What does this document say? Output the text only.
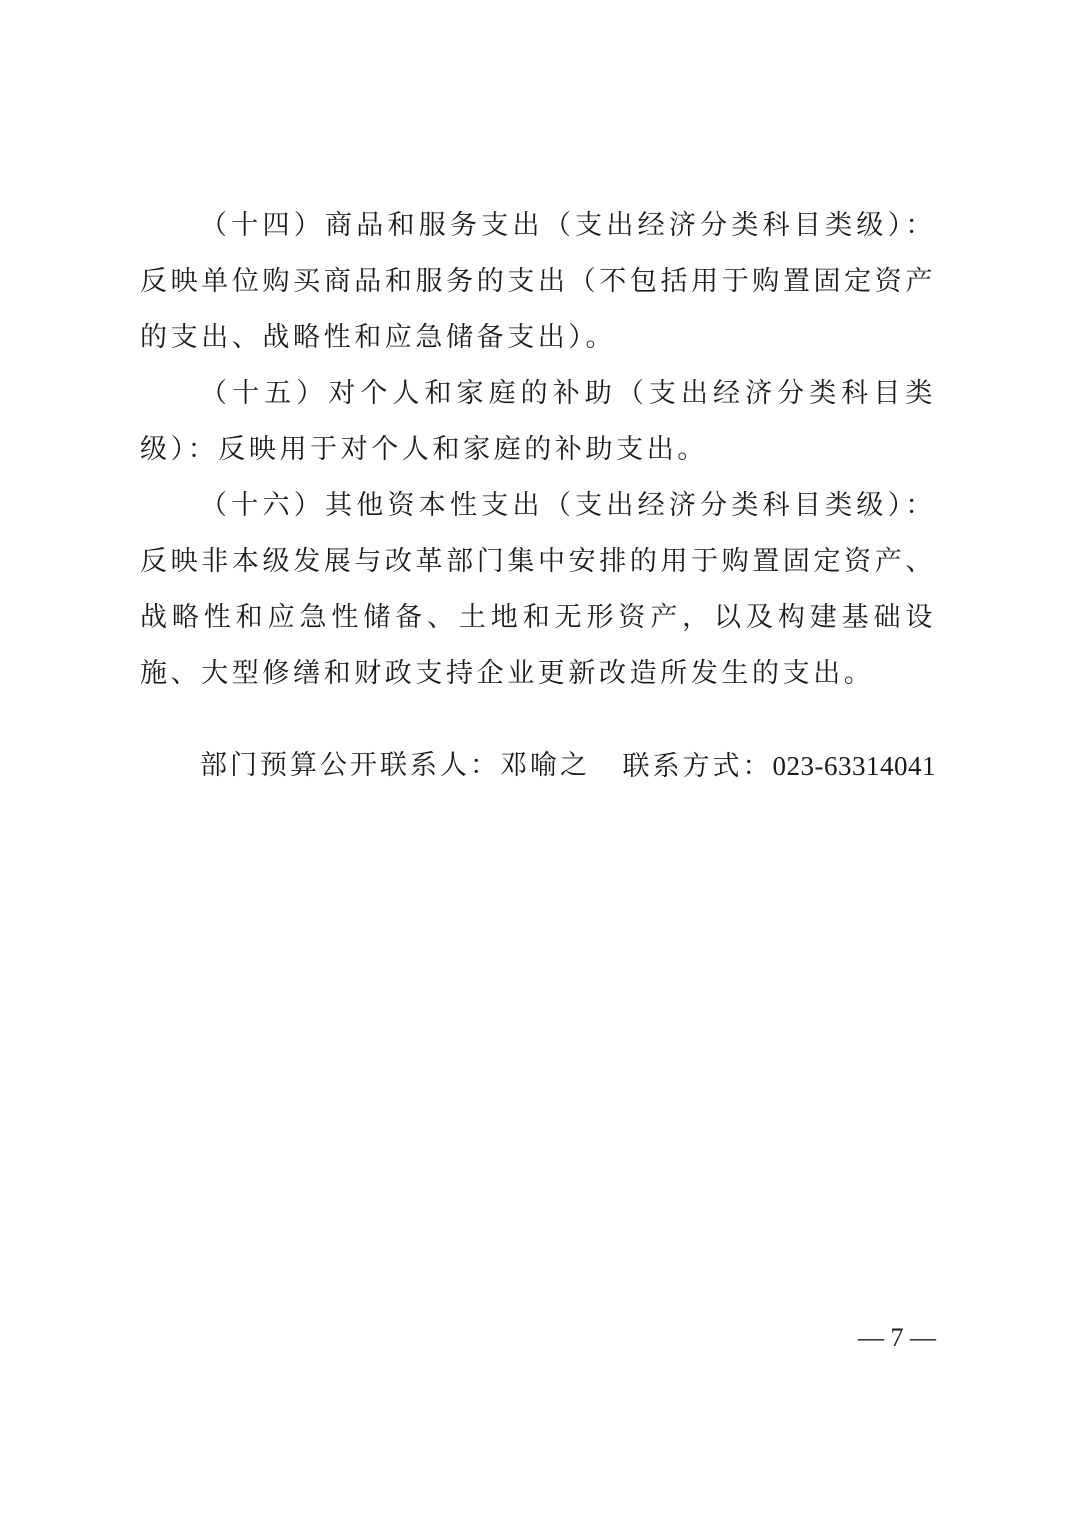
（十四）商品和服务支出（支出经济分类科目类级）：反映单位购买商品和服务的支出（不包括用于购置固定资产的支出、战略性和应急储备支出）。

（十五）对个人和家庭的补助（支出经济分类科目类级）：反映用于对个人和家庭的补助支出。

（十六）其他资本性支出（支出经济分类科目类级）：反映非本级发展与改革部门集中安排的用于购置固定资产、战略性和应急性储备、土地和无形资产，以及构建基础设施、大型修缮和财政支持企业更新改造所发生的支出。

部门预算公开联系人：邓喻之 联系方式：023-63314041
— 7 —
